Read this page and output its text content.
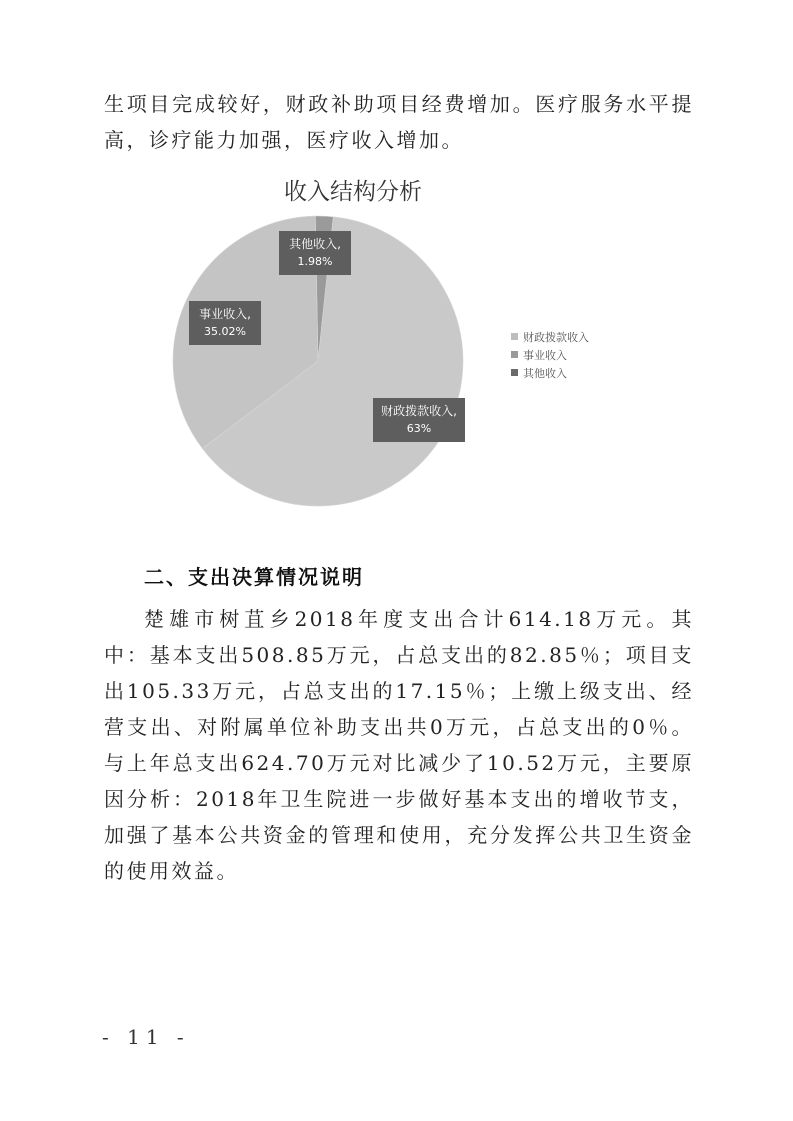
生项目完成较好，财政补助项目经费增加。医疗服务水平提高，诊疗能力加强，医疗收入增加。
收入结构分析
财政拨款收入,
63%
事业收入,
35.02%
其他收入,
1.98%
财政拨款收入
事业收入
其他收入
二、支出决算情况说明
楚雄市树苴乡2018年度支出合计614.18万元。其中：基本支出508.85万元，占总支出的82.85％；项目支出105.33万元，占总支出的17.15％；上缴上级支出、经营支出、对附属单位补助支出共0万元，占总支出的0％。与上年总支出624.70万元对比减少了10.52万元，主要原因分析：2018年卫生院进一步做好基本支出的增收节支，加强了基本公共资金的管理和使用，充分发挥公共卫生资金的使用效益。
- 11 -
